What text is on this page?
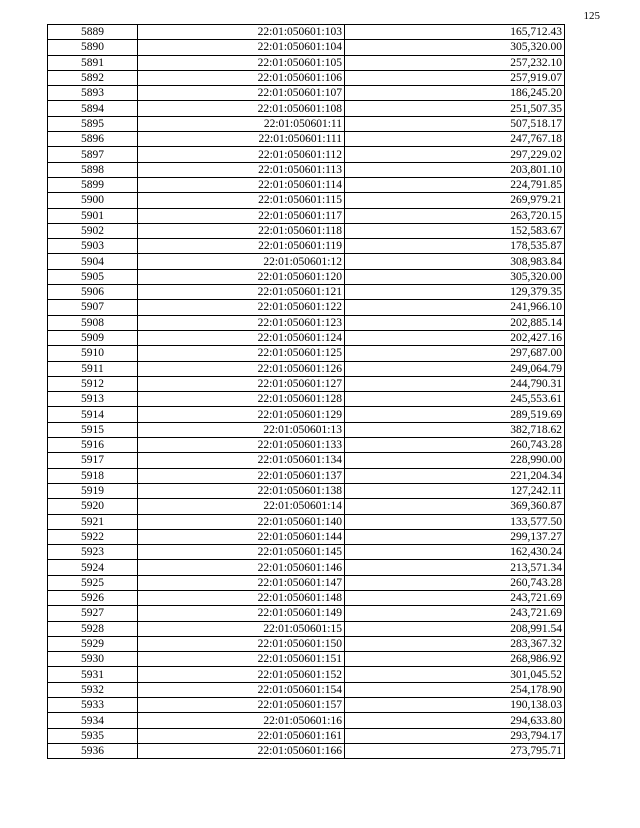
125
5889	22:01:050601:103	165,712.43
5890	22:01:050601:104	305,320.00
5891	22:01:050601:105	257,232.10
5892	22:01:050601:106	257,919.07
5893	22:01:050601:107	186,245.20
5894	22:01:050601:108	251,507.35
5895	22:01:050601:11	507,518.17
5896	22:01:050601:111	247,767.18
5897	22:01:050601:112	297,229.02
5898	22:01:050601:113	203,801.10
5899	22:01:050601:114	224,791.85
5900	22:01:050601:115	269,979.21
5901	22:01:050601:117	263,720.15
5902	22:01:050601:118	152,583.67
5903	22:01:050601:119	178,535.87
5904	22:01:050601:12	308,983.84
5905	22:01:050601:120	305,320.00
5906	22:01:050601:121	129,379.35
5907	22:01:050601:122	241,966.10
5908	22:01:050601:123	202,885.14
5909	22:01:050601:124	202,427.16
5910	22:01:050601:125	297,687.00
5911	22:01:050601:126	249,064.79
5912	22:01:050601:127	244,790.31
5913	22:01:050601:128	245,553.61
5914	22:01:050601:129	289,519.69
5915	22:01:050601:13	382,718.62
5916	22:01:050601:133	260,743.28
5917	22:01:050601:134	228,990.00
5918	22:01:050601:137	221,204.34
5919	22:01:050601:138	127,242.11
5920	22:01:050601:14	369,360.87
5921	22:01:050601:140	133,577.50
5922	22:01:050601:144	299,137.27
5923	22:01:050601:145	162,430.24
5924	22:01:050601:146	213,571.34
5925	22:01:050601:147	260,743.28
5926	22:01:050601:148	243,721.69
5927	22:01:050601:149	243,721.69
5928	22:01:050601:15	208,991.54
5929	22:01:050601:150	283,367.32
5930	22:01:050601:151	268,986.92
5931	22:01:050601:152	301,045.52
5932	22:01:050601:154	254,178.90
5933	22:01:050601:157	190,138.03
5934	22:01:050601:16	294,633.80
5935	22:01:050601:161	293,794.17
5936	22:01:050601:166	273,795.71
